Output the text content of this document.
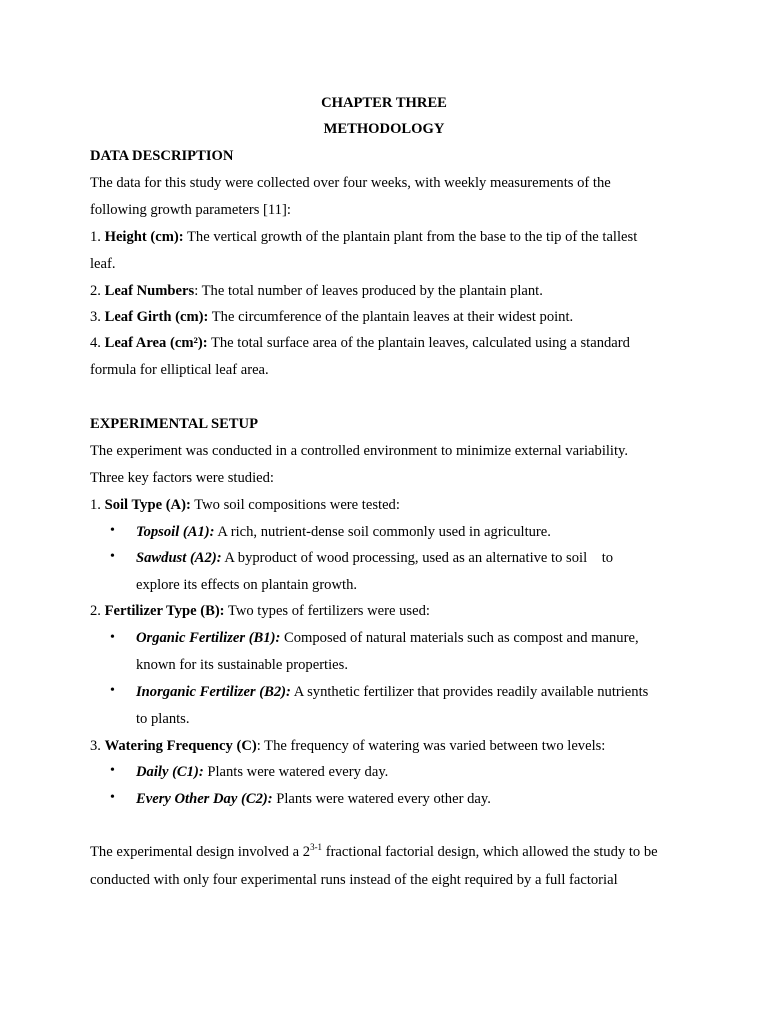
CHAPTER THREE
METHODOLOGY
DATA DESCRIPTION
The data for this study were collected over four weeks, with weekly measurements of the
following growth parameters [11]:
1. Height (cm): The vertical growth of the plantain plant from the base to the tip of the tallest
leaf.
2. Leaf Numbers: The total number of leaves produced by the plantain plant.
3. Leaf Girth (cm): The circumference of the plantain leaves at their widest point.
4. Leaf Area (cm²): The total surface area of the plantain leaves, calculated using a standard
formula for elliptical leaf area.
EXPERIMENTAL SETUP
The experiment was conducted in a controlled environment to minimize external variability.
Three key factors were studied:
1. Soil Type (A): Two soil compositions were tested:
• Topsoil (A1): A rich, nutrient-dense soil commonly used in agriculture.
• Sawdust (A2): A byproduct of wood processing, used as an alternative to soil    to
explore its effects on plantain growth.
2. Fertilizer Type (B): Two types of fertilizers were used:
• Organic Fertilizer (B1): Composed of natural materials such as compost and manure,
known for its sustainable properties.
• Inorganic Fertilizer (B2): A synthetic fertilizer that provides readily available nutrients
to plants.
3. Watering Frequency (C): The frequency of watering was varied between two levels:
• Daily (C1): Plants were watered every day.
• Every Other Day (C2): Plants were watered every other day.
The experimental design involved a 2$^{3-1}$ fractional factorial design, which allowed the study to be
conducted with only four experimental runs instead of the eight required by a full factorial
